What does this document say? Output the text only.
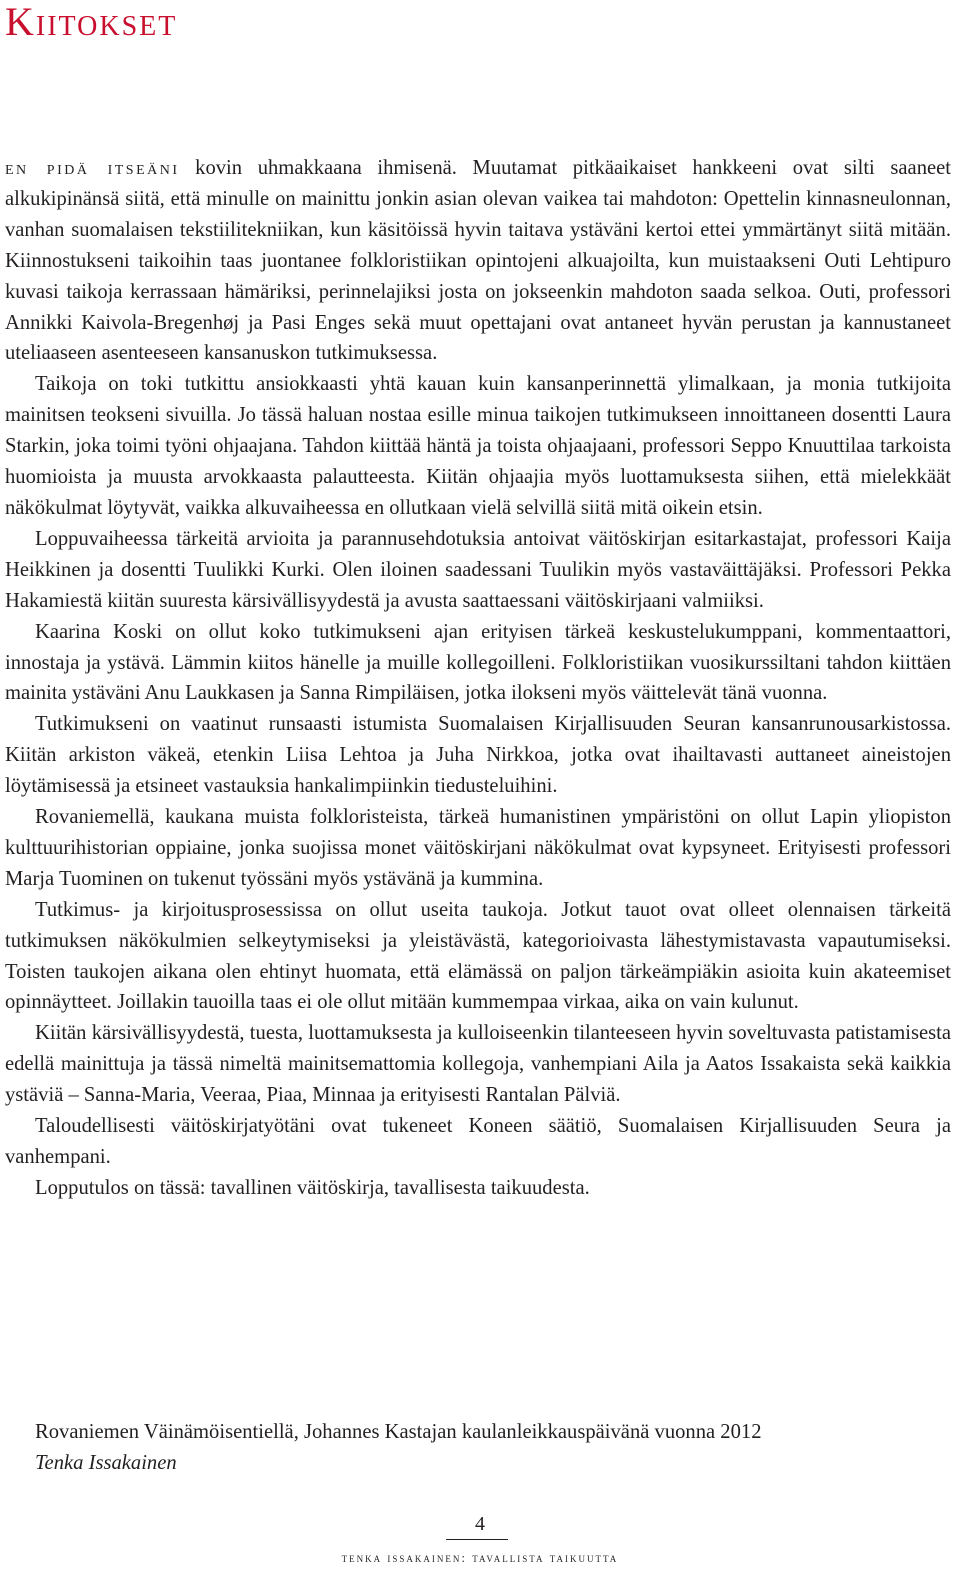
Kiitokset

en pidä itseäni kovin uhmakkaana ihmisenä. Muutamat pitkäaikaiset hankkeeni ovat silti saaneet alkukipinänsä siitä, että minulle on mainittu jonkin asian olevan vaikea tai mahdoton: Opettelin kinnasneulonnan, vanhan suomalaisen tekstiilitekniikan, kun käsitöissä hyvin taitava ystäväni kertoi ettei ymmärtänyt siitä mitään. Kiinnostukseni taikoihin taas juontanee folkloristiikan opintojeni alkuajoilta, kun muistaakseni Outi Lehtipuro kuvasi taikoja kerrassaan hämäriksi, perinnelajiksi josta on jokseenkin mahdoton saada selkoa. Outi, professori Annikki Kaivola-Bregenhøj ja Pasi Enges sekä muut opettajani ovat antaneet hyvän perustan ja kannustaneet uteliaaseen asenteeseen kansanuskon tutkimuksessa.

Taikoja on toki tutkittu ansiokkaasti yhtä kauan kuin kansanperinnettä ylimalkaan, ja monia tutkijoita mainitsen teokseni sivuilla. Jo tässä haluan nostaa esille minua taikojen tutkimukseen innoittaneen dosentti Laura Starkin, joka toimi työni ohjaajana. Tahdon kiittää häntä ja toista ohjaajaani, professori Seppo Knuuttilaa tarkoista huomioista ja muusta arvokkaasta palautteesta. Kiitän ohjaajia myös luottamuksesta siihen, että mielekkäät näkökulmat löytyvät, vaikka alkuvaiheessa en ollutkaan vielä selvillä siitä mitä oikein etsin.

Loppuvaiheessa tärkeitä arvioita ja parannusehdotuksia antoivat väitöskirjan esitarkastajat, professori Kaija Heikkinen ja dosentti Tuulikki Kurki. Olen iloinen saadessani Tuulikin myös vastaväittäjäksi. Professori Pekka Hakamiestä kiitän suuresta kärsivällisyydestä ja avusta saattaessani väitöskirjaani valmiiksi.

Kaarina Koski on ollut koko tutkimukseni ajan erityisen tärkeä keskustelukumppani, kommentaattori, innostaja ja ystävä. Lämmin kiitos hänelle ja muille kollegoilleni. Folkloristiikan vuosikurssiltani tahdon kiittäen mainita ystäväni Anu Laukkasen ja Sanna Rimpiläisen, jotka ilokseni myös väittelevät tänä vuonna.

Tutkimukseni on vaatinut runsaasti istumista Suomalaisen Kirjallisuuden Seuran kansanrunousarkistossa. Kiitän arkiston väkeä, etenkin Liisa Lehtoa ja Juha Nirkkoa, jotka ovat ihailtavasti auttaneet aineistojen löytämisessä ja etsineet vastauksia hankalimpiinkin tiedusteluihini.

Rovaniemellä, kaukana muista folkloristeista, tärkeä humanistinen ympäristöni on ollut Lapin yliopiston kulttuurihistorian oppiaine, jonka suojissa monet väitöskirjani näkökulmat ovat kypsyneet. Erityisesti professori Marja Tuominen on tukenut työssäni myös ystävänä ja kummina.

Tutkimus- ja kirjoitusprosessissa on ollut useita taukoja. Jotkut tauot ovat olleet olennaisen tärkeitä tutkimuksen näkökulmien selkeytymiseksi ja yleistävästä, kategorioivasta lähestymistavasta vapautumiseksi. Toisten taukojen aikana olen ehtinyt huomata, että elämässä on paljon tärkeämpiäkin asioita kuin akateemiset opinnäytteet. Joillakin tauoilla taas ei ole ollut mitään kummempaa virkaa, aika on vain kulunut.

Kiitän kärsivällisyydestä, tuesta, luottamuksesta ja kulloiseenkin tilanteeseen hyvin soveltuvasta patistamisesta edellä mainittuja ja tässä nimeltä mainitsemattomia kollegoja, vanhempiani Aila ja Aatos Issakaista sekä kaikkia ystäviä – Sanna-Maria, Veeraa, Piaa, Minnaa ja erityisesti Rantalan Pälviä.

Taloudellisesti väitöskirjatyötäni ovat tukeneet Koneen säätiö, Suomalaisen Kirjallisuuden Seura ja vanhempani.

Lopputulos on tässä: tavallinen väitöskirja, tavallisesta taikuudesta.

Rovaniemen Väinämöisentiellä, Johannes Kastajan kaulanleikkauspäivänä vuonna 2012

Tenka Issakainen

4
tenka issakainen: tavallista taikuutta
